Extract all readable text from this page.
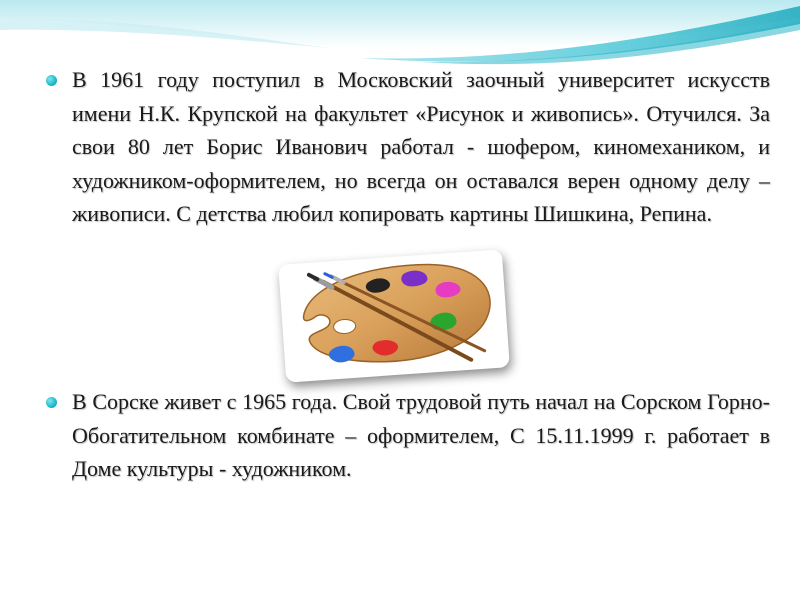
В 1961 году поступил в Московский заочный университет искусств имени Н.К. Крупской на факультет «Рисунок и живопись». Отучился. За свои 80 лет Борис Иванович работал - шофером, киномехаником, и художником-оформителем, но всегда он оставался верен одному делу – живописи. С детства любил копировать картины Шишкина, Репина.

В Сорске живет с 1965 года. Свой трудовой путь начал на Сорском Горно-Обогатительном комбинате – оформителем, С 15.11.1999 г. работает в Доме культуры - художником.
